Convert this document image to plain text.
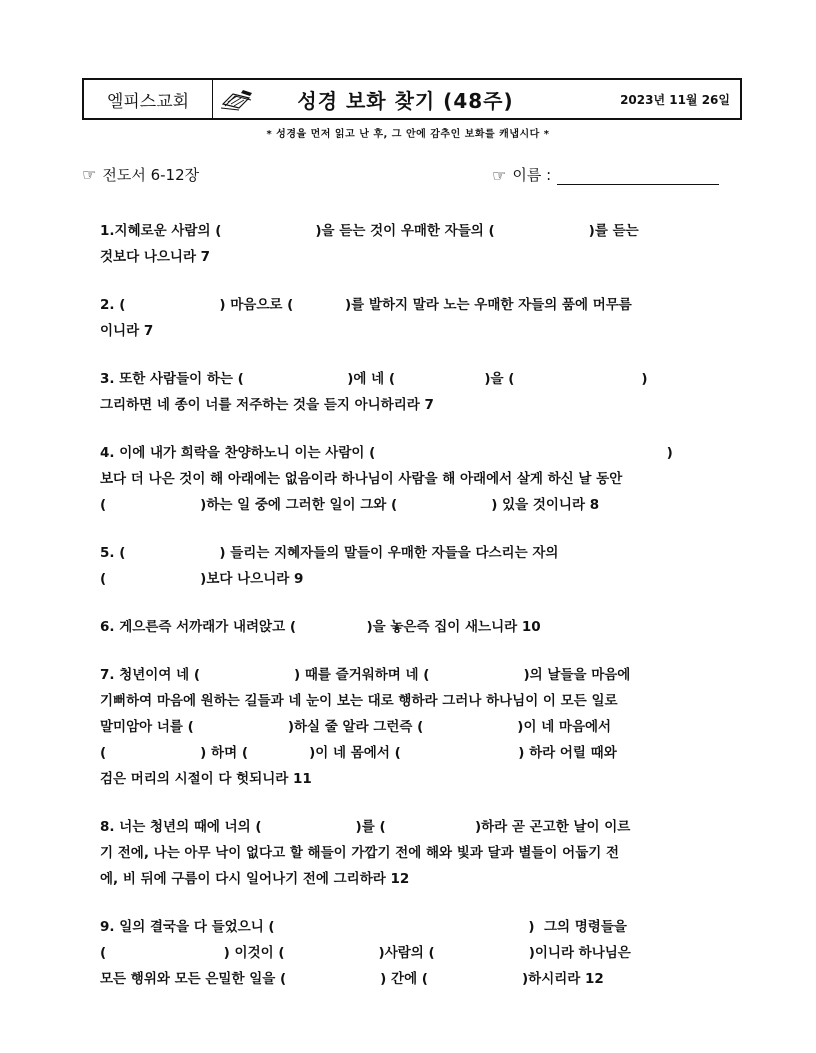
엘피스교회	성경 보화 찾기 (48주)	2023년 11월 26일
* 성경을 먼저 읽고 난 후, 그 안에 감추인 보화를 캐냅시다 *
☞ 전도서 6-12장	☞ 이름 :

1.지혜로운 사람의 (                    )을 듣는 것이 우매한 자들의 (                    )를 듣는

것보다 나으니라 7

2. (                    ) 마음으로 (           )를 발하지 말라 노는 우매한 자들의 품에 머무름

이니라 7

3. 또한 사람들이 하는 (                      )에 네 (                   )을 (                           )

그리하면 네 종이 너를 저주하는 것을 듣지 아니하리라 7

4. 이에 내가 희락을 찬양하노니 이는 사람이 (                                                              )

보다 더 나은 것이 해 아래에는 없음이라 하나님이 사람을 해 아래에서 살게 하신 날 동안

(                    )하는 일 중에 그러한 일이 그와 (                    ) 있을 것이니라 8

5. (                    ) 들리는 지혜자들의 말들이 우매한 자들을 다스리는 자의

(                    )보다 나으니라 9

6. 게으른즉 서까래가 내려앉고 (               )을 놓은즉 집이 새느니라 10

7. 청년이여 네 (                    ) 때를 즐거워하며 네 (                    )의 날들을 마음에

기뻐하여 마음에 원하는 길들과 네 눈이 보는 대로 행하라 그러나 하나님이 이 모든 일로

말미암아 너를 (                    )하실 줄 알라 그런즉 (                    )이 네 마음에서

(                    ) 하며 (             )이 네 몸에서 (                         ) 하라 어릴 때와

검은 머리의 시절이 다 헛되니라 11

8. 너는 청년의 때에 너의 (                    )를 (                   )하라 곧 곤고한 날이 이르

기 전에, 나는 아무 낙이 없다고 할 해들이 가깝기 전에 해와 빛과 달과 별들이 어둡기 전

에, 비 뒤에 구름이 다시 일어나기 전에 그리하라 12

9. 일의 결국을 다 들었으니 (                                                      )  그의 명령들을

(                         ) 이것이 (                    )사람의 (                    )이니라 하나님은

모든 행위와 모든 은밀한 일을 (                    ) 간에 (                    )하시리라 12
